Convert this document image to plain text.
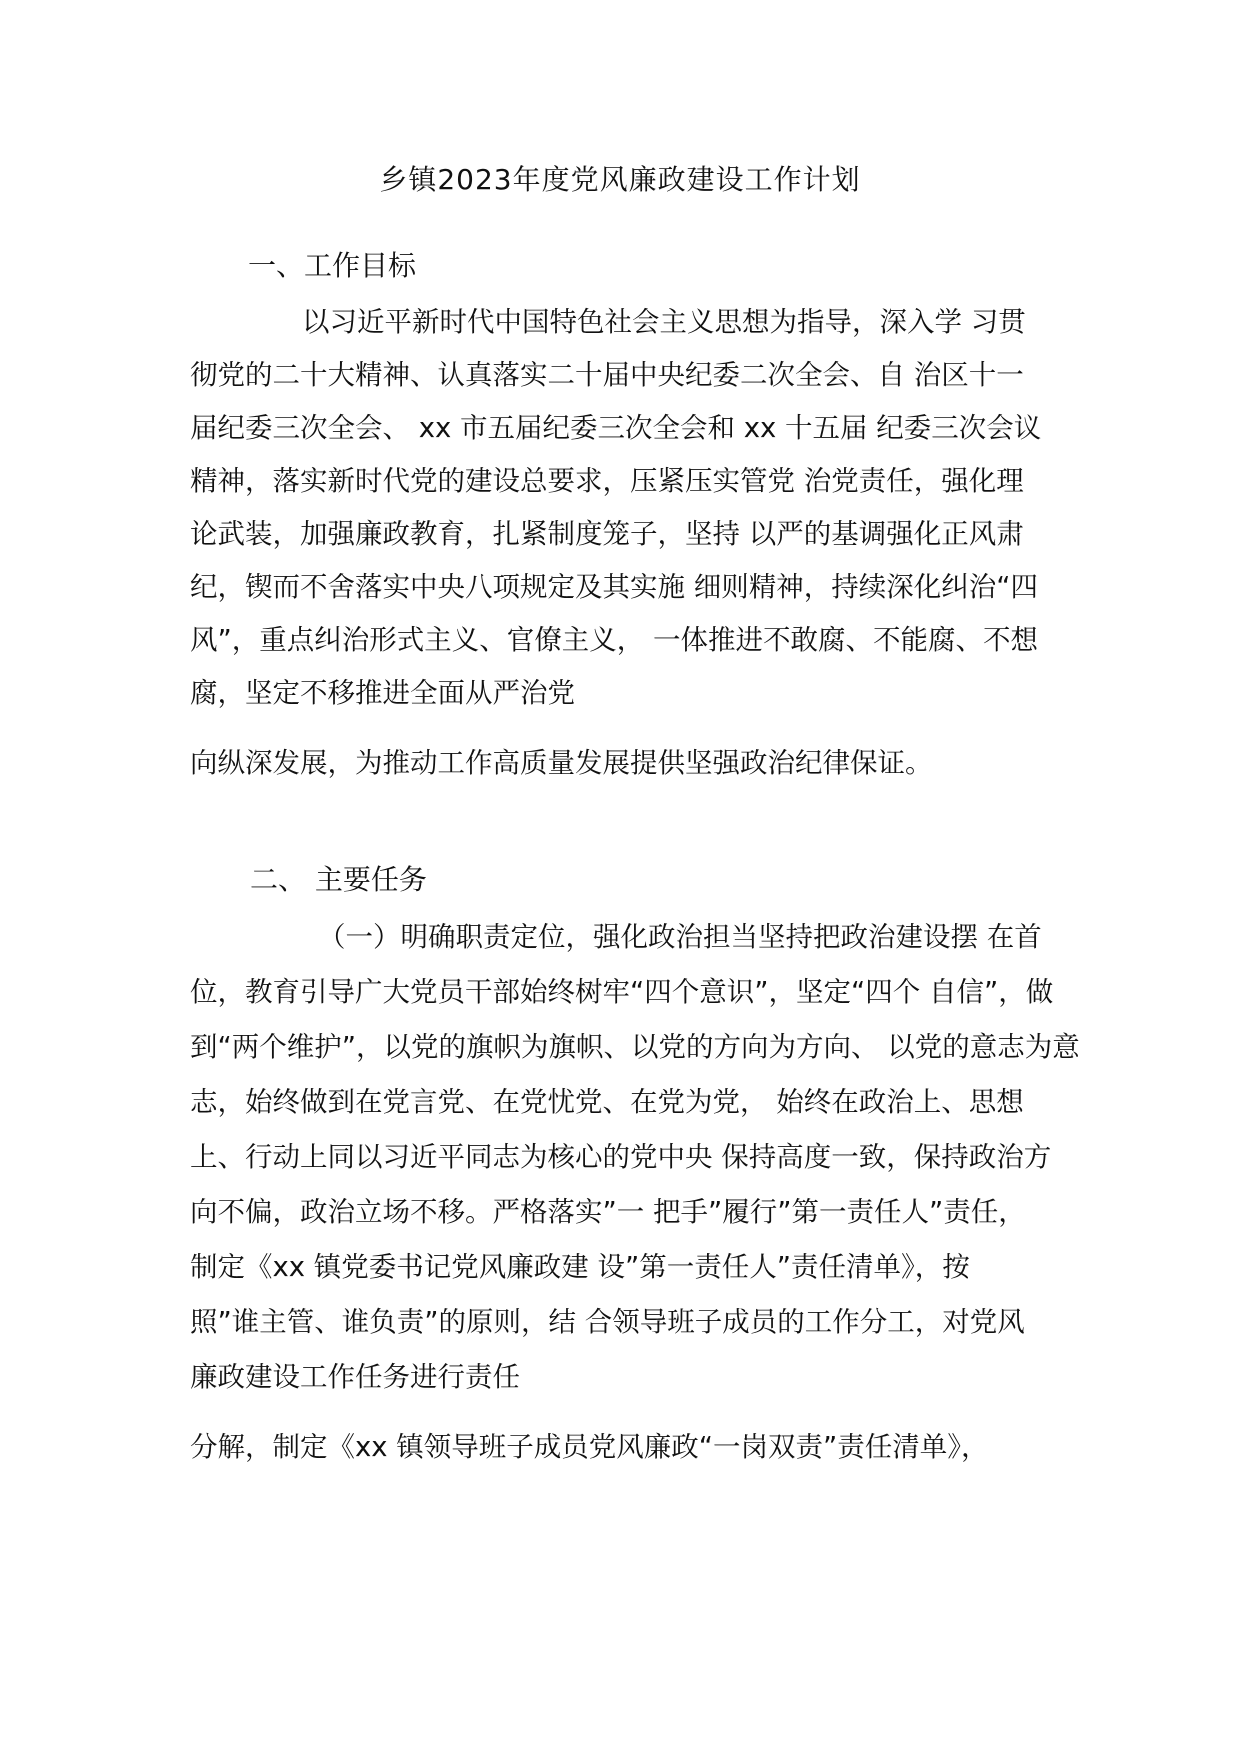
乡镇2023年度党风廉政建设工作计划
一、工作目标
以习近平新时代中国特色社会主义思想为指导，深入学 习贯
彻党的二十大精神、认真落实二十届中央纪委二次全会、自 治区十一
届纪委三次全会、 xx 市五届纪委三次全会和 xx 十五届 纪委三次会议
精神，落实新时代党的建设总要求，压紧压实管党 治党责任，强化理
论武装，加强廉政教育，扎紧制度笼子，坚持 以严的基调强化正风肃
纪，锲而不舍落实中央八项规定及其实施 细则精神，持续深化纠治“四
风”，重点纠治形式主义、官僚主义， 一体推进不敢腐、不能腐、不想
腐，坚定不移推进全面从严治党
向纵深发展，为推动工作高质量发展提供坚强政治纪律保证。
二、 主要任务
（一）明确职责定位，强化政治担当坚持把政治建设摆 在首
位，教育引导广大党员干部始终树牢“四个意识”，坚定“四个 自信”，做
到“两个维护”，以党的旗帜为旗帜、以党的方向为方向、 以党的意志为意
志，始终做到在党言党、在党忧党、在党为党， 始终在政治上、思想
上、行动上同以习近平同志为核心的党中央 保持高度一致，保持政治方
向不偏，政治立场不移。严格落实”一 把手”履行”第一责任人”责任，
制定《xx 镇党委书记党风廉政建 设”第一责任人”责任清单》，按
照”谁主管、谁负责”的原则，结 合领导班子成员的工作分工，对党风
廉政建设工作任务进行责任
分解，制定《xx 镇领导班子成员党风廉政“一岗双责”责任清单》，
